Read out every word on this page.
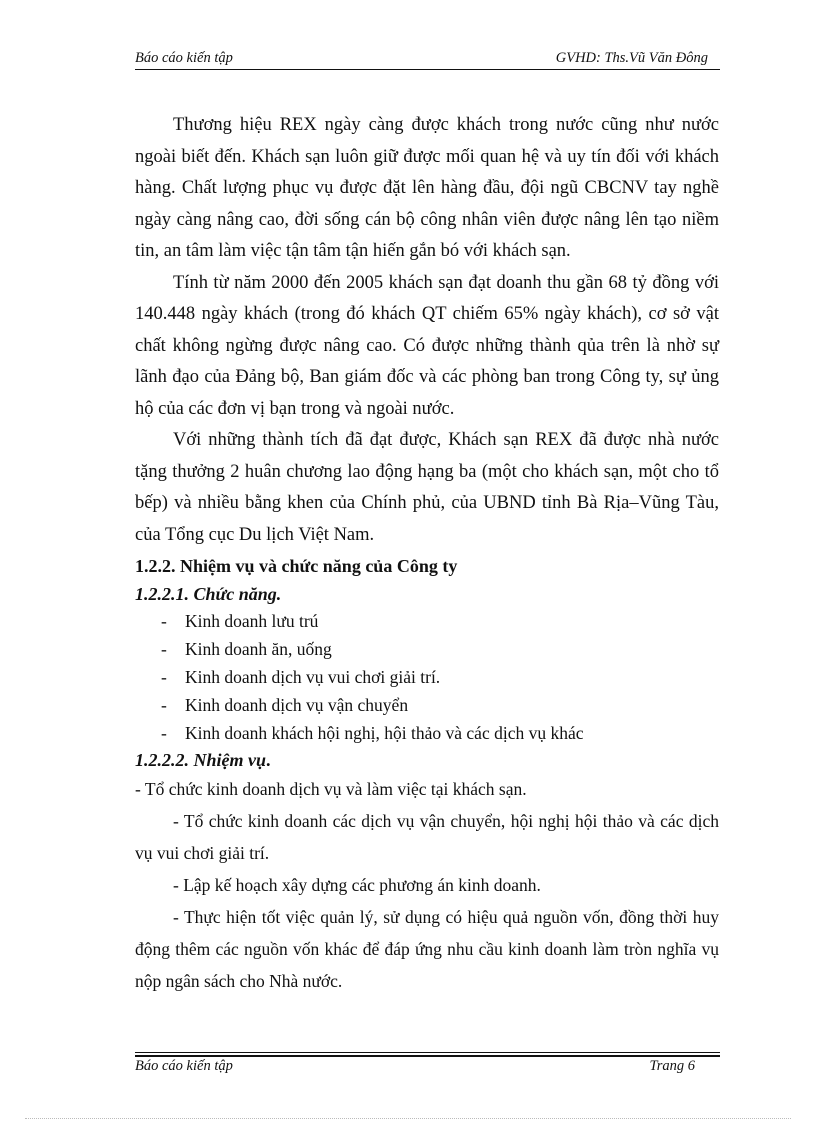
Báo cáo kiến tập	GVHD: Ths.Vũ Văn Đông

Thương hiệu REX ngày càng được khách trong nước cũng như nước ngoài biết đến. Khách sạn luôn giữ được mối quan hệ và uy tín đối với khách hàng. Chất lượng phục vụ được đặt lên hàng đầu, đội ngũ CBCNV tay nghề ngày càng nâng cao, đời sống cán bộ công nhân viên được nâng lên tạo niềm tin, an tâm làm việc tận tâm tận hiến gắn bó với khách sạn.

Tính từ năm 2000 đến 2005 khách sạn đạt doanh thu gần 68 tỷ đồng với 140.448 ngày khách (trong đó khách QT chiếm 65% ngày khách), cơ sở vật chất không ngừng được nâng cao. Có được những thành qủa trên là nhờ sự lãnh đạo của Đảng bộ, Ban giám đốc và các phòng ban trong Công ty, sự ủng hộ của các đơn vị bạn trong và ngoài nước.

Với những thành tích đã đạt được, Khách sạn REX đã được nhà nước tặng thưởng 2 huân chương lao động hạng ba (một cho khách sạn, một cho tổ bếp) và nhiều bằng khen của Chính phủ, của UBND tỉnh Bà Rịa–Vũng Tàu, của Tổng cục Du lịch Việt Nam.

1.2.2. Nhiệm vụ và chức năng của Công ty

1.2.2.1. Chức năng.

- Kinh doanh lưu trú
- Kinh doanh ăn, uống
- Kinh doanh dịch vụ vui chơi giải trí.
- Kinh doanh dịch vụ vận chuyển
- Kinh doanh khách hội nghị, hội thảo và các dịch vụ khác

1.2.2.2. Nhiệm vụ.

- Tổ chức kinh doanh dịch vụ và làm việc tại khách sạn.

- Tổ chức kinh doanh các dịch vụ vận chuyển, hội nghị hội thảo và các dịch vụ vui chơi giải trí.

- Lập kế hoạch xây dựng các phương án kinh doanh.

- Thực hiện tốt việc quản lý, sử dụng có hiệu quả nguồn vốn, đồng thời huy động thêm các nguồn vốn khác để đáp ứng nhu cầu kinh doanh làm tròn nghĩa vụ nộp ngân sách cho Nhà nước.

Báo cáo kiến tập	Trang 6
